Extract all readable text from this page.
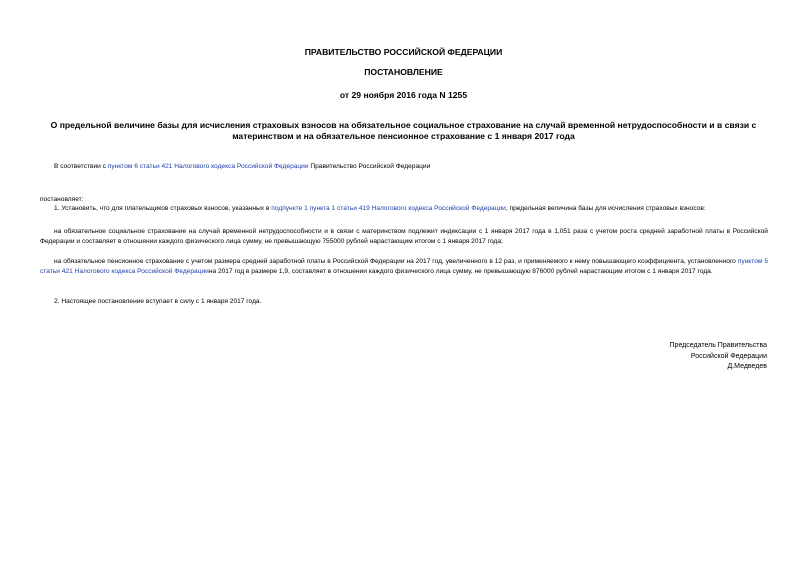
ПРАВИТЕЛЬСТВО РОССИЙСКОЙ ФЕДЕРАЦИИ

ПОСТАНОВЛЕНИЕ

от 29 ноября 2016 года N 1255

О предельной величине базы для исчисления страховых взносов на обязательное социальное страхование на случай временной нетрудоспособности и в связи с материнством и на обязательное пенсионное страхование с 1 января 2017 года

В соответствии с пунктом 6 статьи 421 Налогового кодекса Российской Федерации Правительство Российской Федерации

постановляет:

1. Установить, что для плательщиков страховых взносов, указанных в подпункте 1 пункта 1 статьи 419 Налогового кодекса Российской Федерации, предельная величина базы для исчисления страховых взносов:

на обязательное социальное страхование на случай временной нетрудоспособности и в связи с материнством подлежит индексации с 1 января 2017 года в 1,051 раза с учетом роста средней заработной платы в Российской Федерации и составляет в отношении каждого физического лица сумму, не превышающую 755000 рублей нарастающим итогом с 1 января 2017 года;

на обязательное пенсионное страхование с учетом размера средней заработной платы в Российской Федерации на 2017 год, увеличенного в 12 раз, и применяемого к нему повышающего коэффициента, установленного пунктом 5 статьи 421 Налогового кодекса Российской Федерациина 2017 год в размере 1,9, составляет в отношении каждого физического лица сумму, не превышающую 876000 рублей нарастающим итогом с 1 января 2017 года.

2. Настоящее постановление вступает в силу с 1 января 2017 года.

Председатель Правительства
Российской Федерации
Д.Медведев
